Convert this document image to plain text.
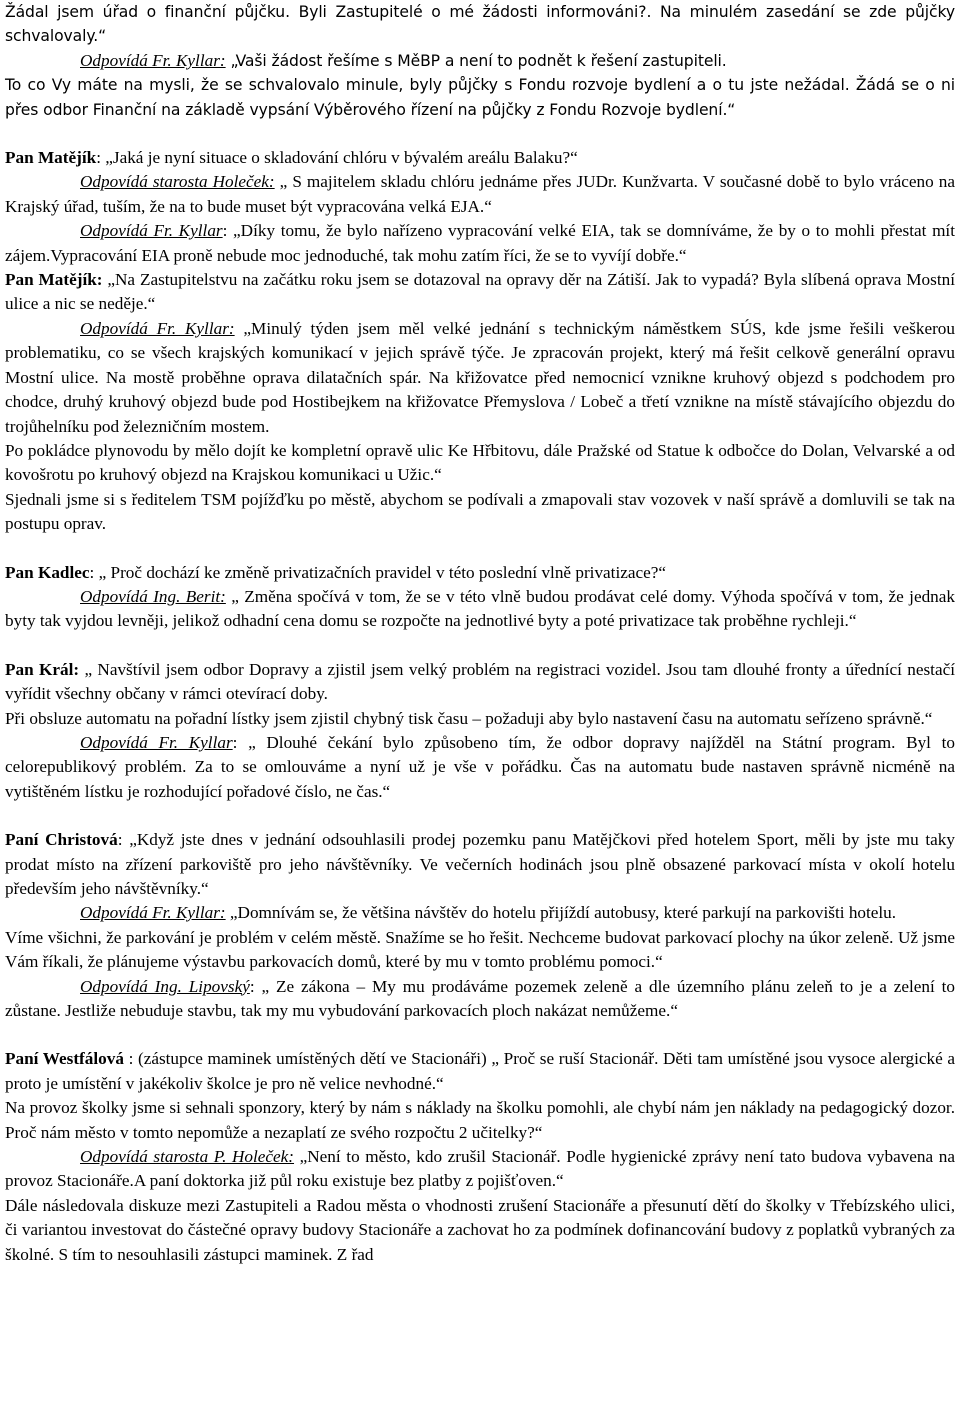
Žádal jsem úřad o finanční půjčku. Byli Zastupitelé o mé žádosti informováni?. Na minulém zasedání se zde půjčky schvalovaly.“

Odpovídá Fr. Kyllar: „Vaši žádost řešíme s MěBP a není to podnět k řešení zastupiteli.

To co Vy máte na mysli, že se schvalovalo minule, byly půjčky s Fondu rozvoje bydlení a o tu jste nežádal. Žádá se o ni přes odbor Finanční na základě vypsání Výběrového řízení na půjčky z Fondu Rozvoje bydlení.“

Pan Matějík: „Jaká je nyní situace o skladování chlóru v bývalém areálu Balaku?“

Odpovídá starosta Holeček: „ S majitelem skladu chlóru jednáme přes JUDr. Kunžvarta. V současné době to bylo vráceno na Krajský úřad, tuším, že na to bude muset být vypracována velká EJA.“

Odpovídá Fr. Kyllar: „Díky tomu, že bylo nařízeno vypracování velké EIA, tak se domníváme, že by o to mohli přestat mít zájem.Vypracování EIA proně nebude moc jednoduché, tak mohu zatím říci, že se to vyvíjí dobře.“

Pan Matějík: „Na Zastupitelstvu na začátku roku jsem se dotazoval na opravy děr na Zátiší. Jak to vypadá? Byla slíbená oprava Mostní ulice a nic se neděje.“

Odpovídá Fr. Kyllar: „Minulý týden jsem měl velké jednání s technickým náměstkem SÚS, kde jsme řešili veškerou problematiku, co se všech krajských komunikací v jejich správě týče. Je zpracován projekt, který má řešit celkově generální opravu Mostní ulice. Na mostě proběhne oprava dilatačních spár. Na křižovatce před nemocnicí vznikne kruhový objezd s podchodem pro chodce, druhý kruhový objezd bude pod Hostibejkem na křižovatce Přemyslova / Lobeč a třetí vznikne na místě stávajícího objezdu do trojůhelníku pod železničním mostem.

Po pokládce plynovodu by mělo dojít ke kompletní opravě ulic Ke Hřbitovu, dále Pražské od Statue k odbočce do Dolan, Velvarské a od kovošrotu po kruhový objezd na Krajskou komunikaci u Užic.“

Sjednali jsme si s ředitelem TSM pojížďku po městě, abychom se podívali a zmapovali stav vozovek v naší správě a domluvili se tak na postupu oprav.

Pan Kadlec: „ Proč dochází ke změně privatizačních pravidel v této poslední vlně privatizace?“

Odpovídá Ing. Berit: „ Změna spočívá v tom, že se v této vlně budou prodávat celé domy. Výhoda spočívá v tom, že jednak byty tak vyjdou levněji, jelikož odhadní cena domu se rozpočte na jednotlivé byty a poté privatizace tak proběhne rychleji.“

Pan Král: „ Navštívil jsem odbor Dopravy a zjistil jsem velký problém na registraci vozidel. Jsou tam dlouhé fronty a úřednící nestačí vyřídit všechny občany v rámci otevírací doby.

Při obsluze automatu na pořadní lístky jsem zjistil chybný tisk času – požaduji aby bylo nastavení času na automatu seřízeno správně.“

Odpovídá Fr. Kyllar: „ Dlouhé čekání bylo způsobeno tím, že odbor dopravy najížděl na Státní program. Byl to celorepublikový problém. Za to se omlouváme a nyní už je vše v pořádku. Čas na automatu bude nastaven správně nicméně na vytištěném lístku je rozhodující pořadové číslo, ne čas.“

Paní Christová: „Když jste dnes v jednání odsouhlasili prodej pozemku panu Matějčkovi před hotelem Sport, měli by jste mu taky prodat místo na zřízení parkoviště pro jeho návštěvníky. Ve večerních hodinách jsou plně obsazené parkovací místa v okolí hotelu především jeho návštěvníky.“

Odpovídá Fr. Kyllar: „Domnívám se, že většina návštěv do hotelu přijíždí autobusy, které parkují na parkovišti hotelu.

Víme všichni, že parkování je problém v celém městě. Snažíme se ho řešit. Nechceme budovat parkovací plochy na úkor zeleně. Už jsme Vám říkali, že plánujeme výstavbu parkovacích domů, které by mu v tomto problému pomoci.“

Odpovídá Ing. Lipovský: „ Ze zákona – My mu prodáváme pozemek zeleně a dle územního plánu zeleň to je a zelení to zůstane. Jestliže nebuduje stavbu, tak my mu vybudování parkovacích ploch nakázat nemůžeme.“

Paní Westfálová : (zástupce maminek umístěných dětí ve Stacionáři) „ Proč se ruší Stacionář. Děti tam umístěné jsou vysoce alergické a proto je umístění v jakékoliv školce je pro ně velice nevhodné.“

Na provoz školky jsme si sehnali sponzory, který by nám s náklady na školku pomohli, ale chybí nám jen náklady na pedagogický dozor. Proč nám město v tomto nepomůže a nezaplatí ze svého rozpočtu 2 učitelky?“

Odpovídá starosta P. Holeček: „Není to město, kdo zrušil Stacionář. Podle hygienické zprávy není tato budova vybavena na provoz Stacionáře.A paní doktorka již půl roku existuje bez platby z pojišťoven.“

Dále následovala diskuze mezi Zastupiteli a Radou města o vhodnosti zrušení Stacionáře a přesunutí dětí do školky v Třebízského ulici, či variantou investovat do částečné opravy budovy Stacionáře a zachovat ho za podmínek dofinancování budovy z poplatků vybraných za školné. S tím to nesouhlasili zástupci maminek. Z řad
